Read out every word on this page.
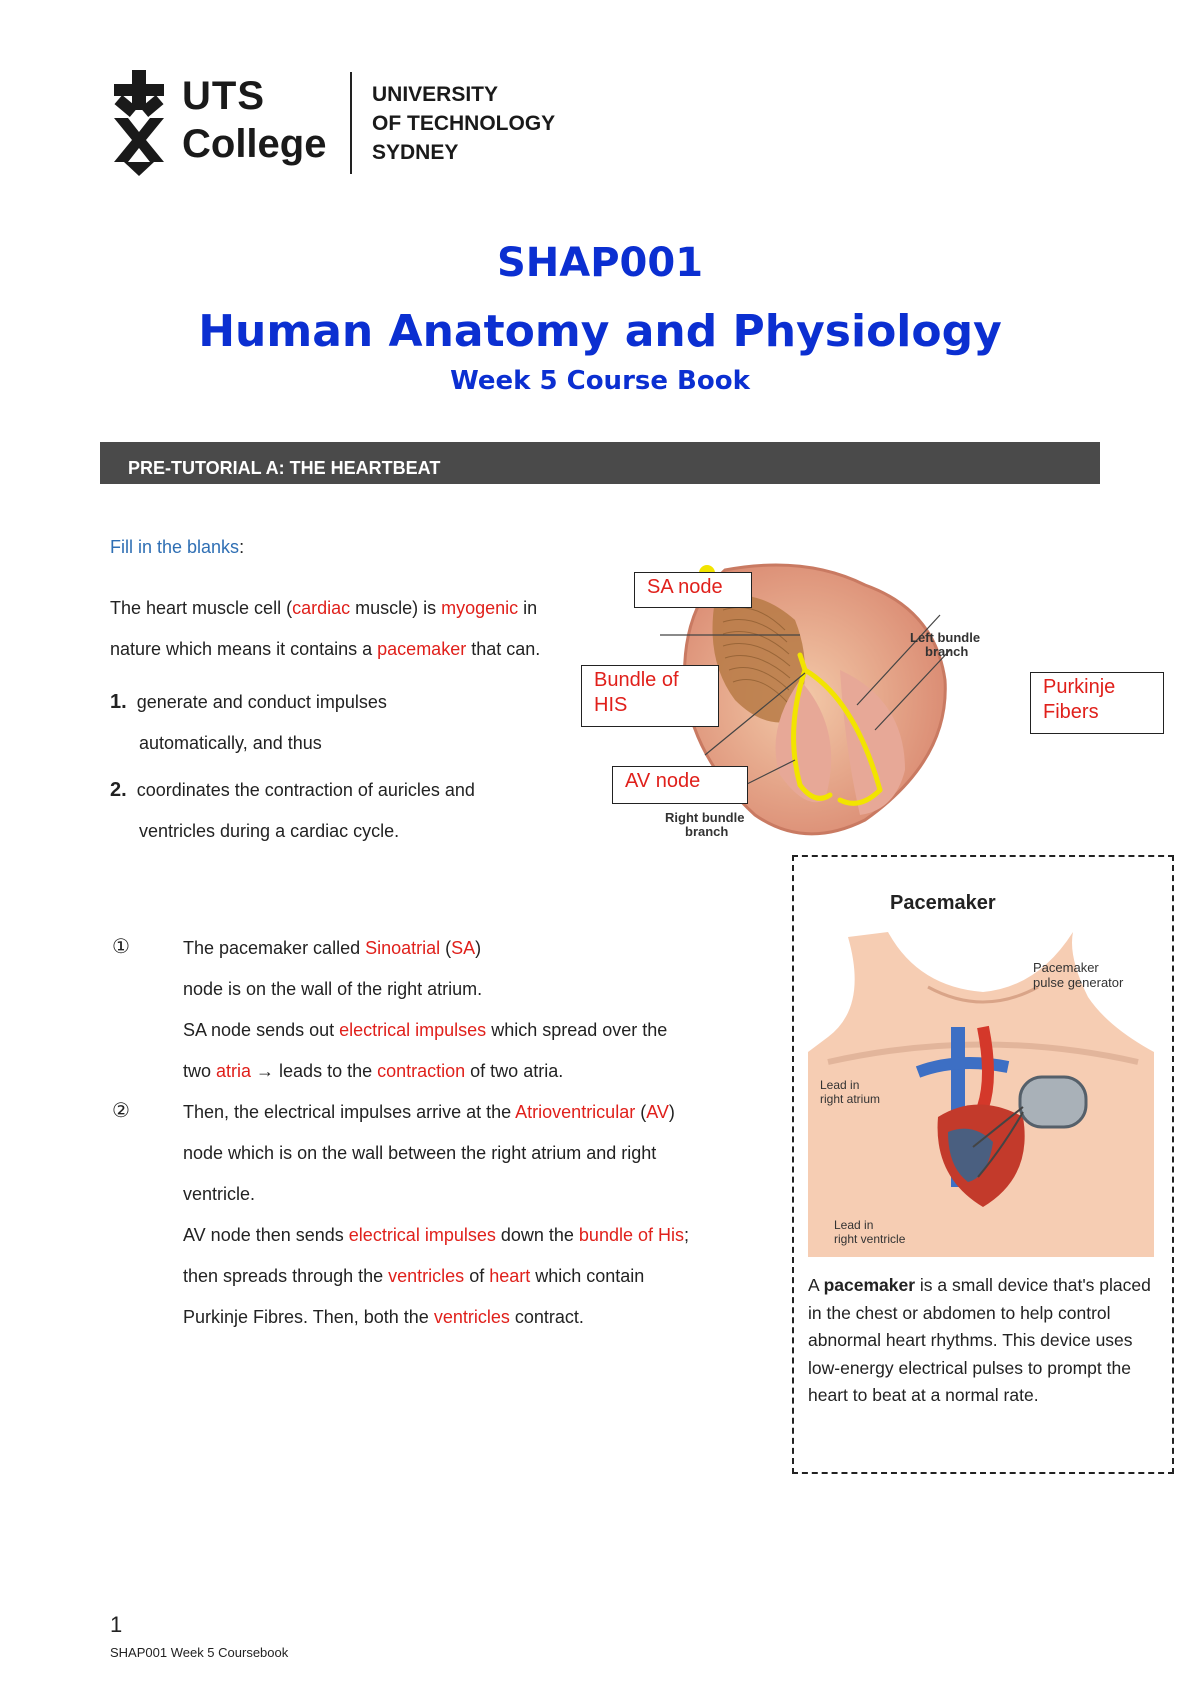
UTS
College
UNIVERSITY
OF TECHNOLOGY
SYDNEY
SHAP001
Human Anatomy and Physiology
Week 5 Course Book
PRE-TUTORIAL A: THE HEARTBEAT
Fill in the blanks:
The heart muscle cell (cardiac muscle) is myogenic in
nature which means it contains a pacemaker that can.
1. generate and conduct impulses
automatically, and thus
2. coordinates the contraction of auricles and
ventricles during a cardiac cycle.
Left bundle
branch
Right bundle
branch
SA node
Bundle of
HIS
Purkinje
Fibers
AV node
①	The pacemaker called Sinoatrial (SA)
node is on the wall of the right atrium.
SA node sends out electrical impulses which spread over the
two atria → leads to the contraction of two atria.
②	Then, the electrical impulses arrive at the Atrioventricular (AV)
node which is on the wall between the right atrium and right
ventricle.
AV node then sends electrical impulses down the bundle of His;
then spreads through the ventricles of heart which contain
Purkinje Fibres. Then, both the ventricles contract.
Pacemaker
Pacemaker
pulse generator
Lead in
right atrium
Lead in
right ventricle
A pacemaker is a small device that's placed in the chest or abdomen to help control abnormal heart rhythms. This device uses low-energy electrical pulses to prompt the heart to beat at a normal rate.
1
SHAP001 Week 5 Coursebook
